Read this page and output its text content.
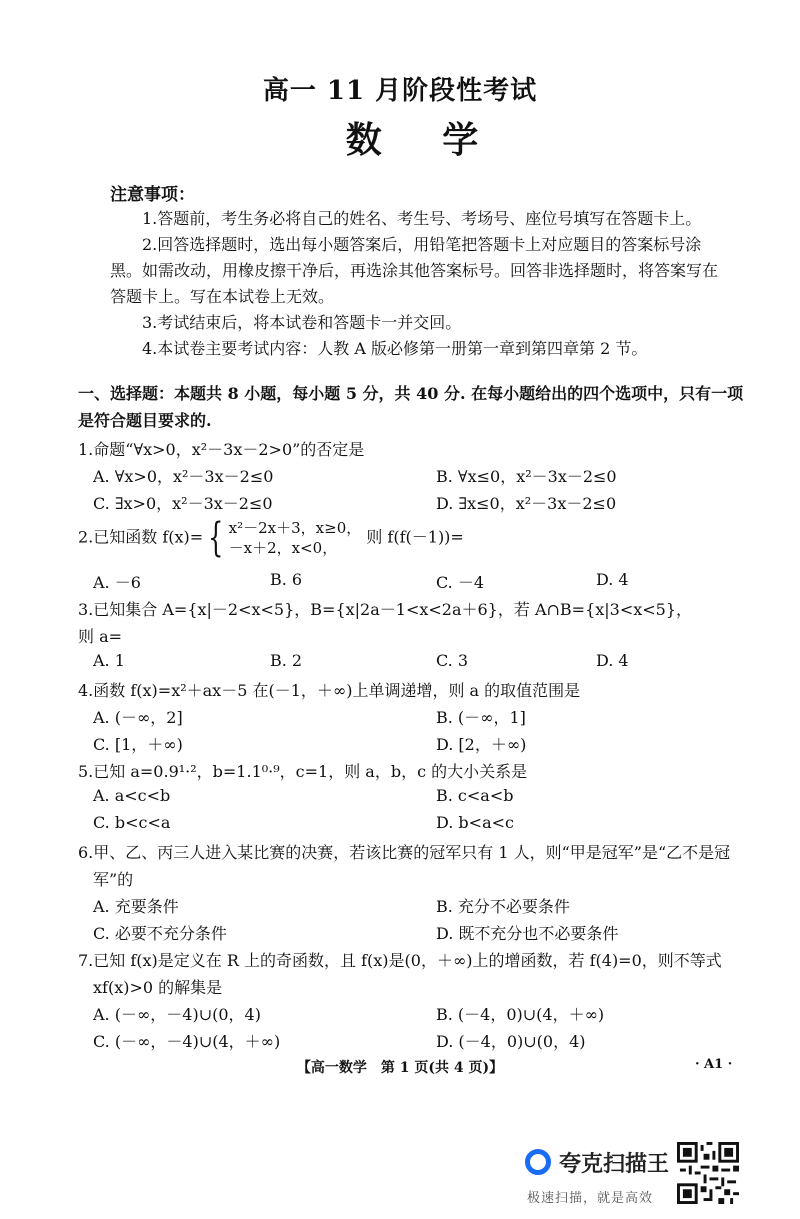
高一 11 月阶段性考试
数 学
注意事项：
1.答题前，考生务必将自己的姓名、考生号、考场号、座位号填写在答题卡上。
2.回答选择题时，选出每小题答案后，用铅笔把答题卡上对应题目的答案标号涂黑。如需改动，用橡皮擦干净后，再选涂其他答案标号。回答非选择题时，将答案写在答题卡上。写在本试卷上无效。
3.考试结束后，将本试卷和答题卡一并交回。
4.本试卷主要考试内容：人教 A 版必修第一册第一章到第四章第 2 节。
一、选择题：本题共 8 小题，每小题 5 分，共 40 分. 在每小题给出的四个选项中，只有一项是符合题目要求的.
1.命题“∀x>0，x²－3x－2>0”的否定是
A. ∀x>0，x²－3x－2≤0	B. ∀x≤0，x²－3x－2≤0
C. ∃x>0，x²－3x－2≤0	D. ∃x≤0，x²－3x－2≤0
2.已知函数 f(x)= { x²－2x＋3，x≥0，
－x＋2，x<0， 则 f(f(－1))=
A. －6	B. 6	C. －4	D. 4
3.已知集合 A={x|－2<x<5}，B={x|2a－1<x<2a＋6}，若 A∩B={x|3<x<5}，
则 a=
A. 1	B. 2	C. 3	D. 4
4.函数 f(x)=x²＋ax－5 在(－1，＋∞)上单调递增，则 a 的取值范围是
A. (－∞，2]	B. (－∞，1]
C. [1，＋∞)	D. [2，＋∞)
5.已知 a=0.9¹·²，b=1.1⁰·⁹，c=1，则 a，b，c 的大小关系是
A. a<c<b	B. c<a<b
C. b<c<a	D. b<a<c
6.甲、乙、丙三人进入某比赛的决赛，若该比赛的冠军只有 1 人，则“甲是冠军”是“乙不是冠
军”的
A. 充要条件	B. 充分不必要条件
C. 必要不充分条件	D. 既不充分也不必要条件
7.已知 f(x)是定义在 R 上的奇函数，且 f(x)是(0，＋∞)上的增函数，若 f(4)=0，则不等式
xf(x)>0 的解集是
A. (－∞，－4)∪(0，4)	B. (－4，0)∪(4，＋∞)
C. (－∞，－4)∪(4，＋∞)	D. (－4，0)∪(0，4)
【高一数学　第 1 页(共 4 页)】	· A1 ·
夸克扫描王
极速扫描，就是高效
